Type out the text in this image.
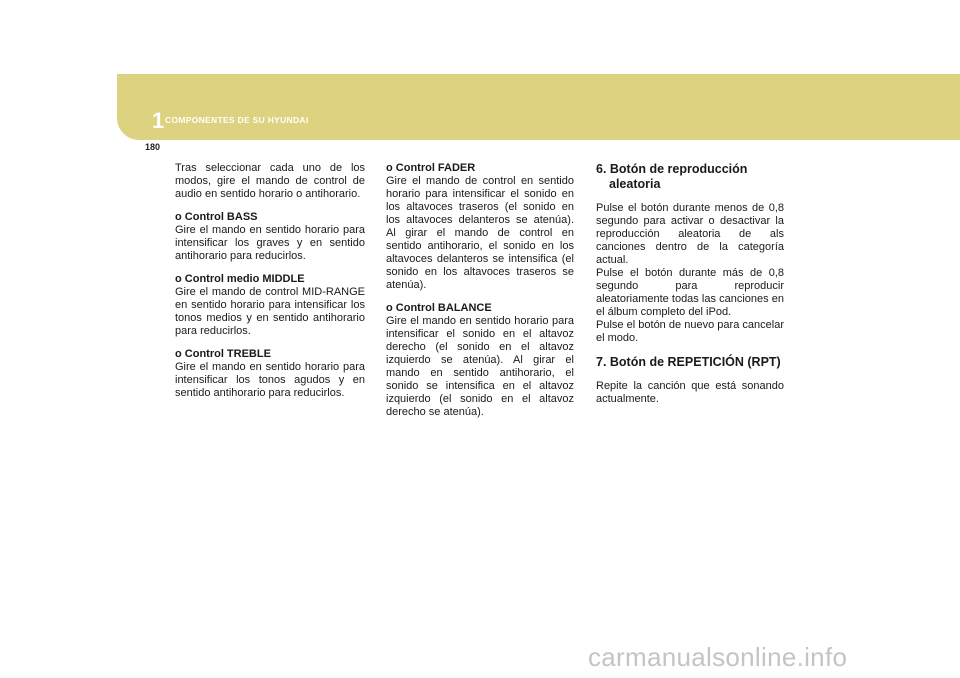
1 COMPONENTES DE SU HYUNDAI
180

Tras seleccionar cada uno de los modos, gire el mando de control de audio en sentido horario o antihorario.

o Control BASS
Gire el mando en sentido horario para intensificar los graves y en sentido antihorario para reducirlos.
o Control medio MIDDLE
Gire el mando de control MID-RANGE en sentido horario para intensificar los tonos medios y en sentido antihorario para reducirlos.
o Control TREBLE
Gire el mando en sentido horario para intensificar los tonos agudos y en sentido antihorario para reducirlos.
o Control FADER
Gire el mando de control en sentido horario para intensificar el sonido en los altavoces traseros (el sonido en los altavoces delanteros se atenúa). Al girar el mando de control en sentido antihorario, el sonido en los altavoces delanteros se intensifica (el sonido en los altavoces traseros se atenúa).
o Control BALANCE
Gire el mando en sentido horario para intensificar el sonido en el altavoz derecho (el sonido en el altavoz izquierdo se atenúa). Al girar el mando en sentido antihorario, el sonido se intensifica en el altavoz izquierdo (el sonido en el altavoz derecho se atenúa).
6. Botón de reproducción
aleatoria
Pulse el botón durante menos de 0,8 segundo para activar o desactivar la reproducción aleatoria de als canciones dentro de la categoría actual.
Pulse el botón durante más de 0,8 segundo para reproducir aleatoriamente todas las canciones en el álbum completo del iPod.
Pulse el botón de nuevo para cancelar el modo.
7. Botón de REPETICIÓN (RPT)

Repite la canción que está sonando actualmente.

carmanualsonline.info
